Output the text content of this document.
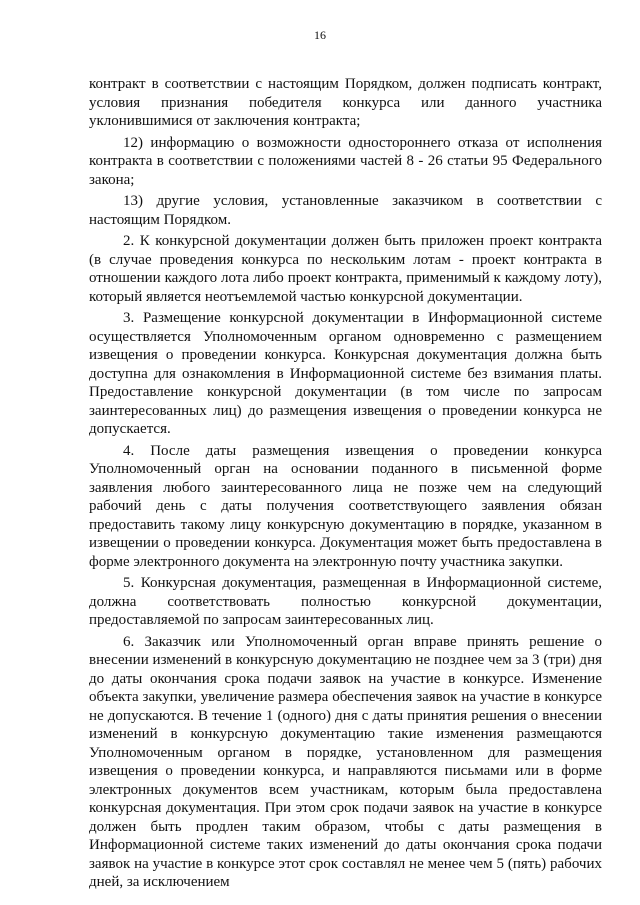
16

контракт в соответствии с настоящим Порядком, должен подписать контракт, условия признания победителя конкурса или данного участника уклонившимися от заключения контракта;

12) информацию о возможности одностороннего отказа от исполнения контракта в соответствии с положениями частей 8 - 26 статьи 95 Федерального закона;

13) другие условия, установленные заказчиком в соответствии с настоящим Порядком.

2. К конкурсной документации должен быть приложен проект контракта (в случае проведения конкурса по нескольким лотам - проект контракта в отношении каждого лота либо проект контракта, применимый к каждому лоту), который является неотъемлемой частью конкурсной документации.

3. Размещение конкурсной документации в Информационной системе осуществляется Уполномоченным органом одновременно с размещением извещения о проведении конкурса. Конкурсная документация должна быть доступна для ознакомления в Информационной системе без взимания платы. Предоставление конкурсной документации (в том числе по запросам заинтересованных лиц) до размещения извещения о проведении конкурса не допускается.

4. После даты размещения извещения о проведении конкурса Уполномоченный орган на основании поданного в письменной форме заявления любого заинтересованного лица не позже чем на следующий рабочий день с даты получения соответствующего заявления обязан предоставить такому лицу конкурсную документацию в порядке, указанном в извещении о проведении конкурса. Документация может быть предоставлена в форме электронного документа на электронную почту участника закупки.

5. Конкурсная документация, размещенная в Информационной системе, должна соответствовать полностью конкурсной документации, предоставляемой по запросам заинтересованных лиц.

6. Заказчик или Уполномоченный орган вправе принять решение о внесении изменений в конкурсную документацию не позднее чем за 3 (три) дня до даты окончания срока подачи заявок на участие в конкурсе. Изменение объекта закупки, увеличение размера обеспечения заявок на участие в конкурсе не допускаются. В течение 1 (одного) дня с даты принятия решения о внесении изменений в конкурсную документацию такие изменения размещаются Уполномоченным органом в порядке, установленном для размещения извещения о проведении конкурса, и направляются письмами или в форме электронных документов всем участникам, которым была предоставлена конкурсная документация. При этом срок подачи заявок на участие в конкурсе должен быть продлен таким образом, чтобы с даты размещения в Информационной системе таких изменений до даты окончания срока подачи заявок на участие в конкурсе этот срок составлял не менее чем 5 (пять) рабочих дней, за исключением
